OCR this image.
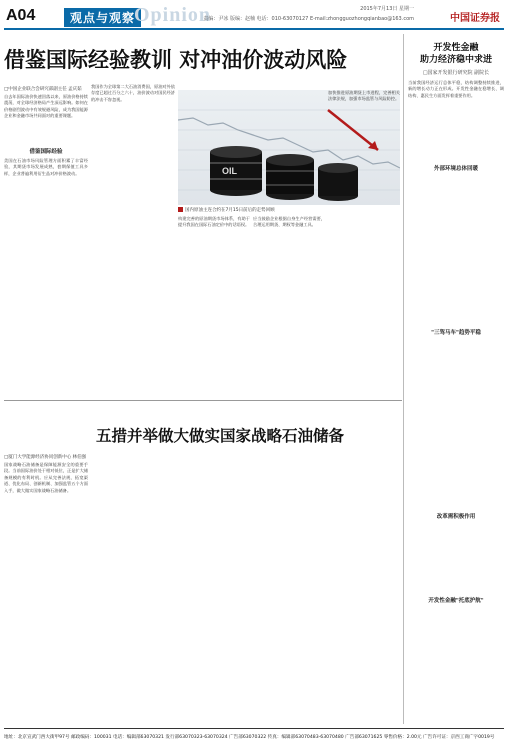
A04	观点与观察
Opinion	2015年7月13日 星期一
责编：尹冰 版编：赵楠 电话：010-63070127 E-mail:zhongguozhongqianbao@163.com	中国证券报
借鉴国际经验教训 对冲油价波动风险
□中国企业联合会研究部副主任 孟庆茹
自去年国际油价快速回落以来，原油价格持续震荡，对全球经济格局产生深远影响。如何在价格剧烈波动中有效规避风险，成为我国能源企业和金融市场共同面对的重要课题。
借鉴国际经验
美国在石油市场风险管理方面积累了丰富经验，其期货市场发展成熟，套期保值工具多样，企业普遍利用衍生品对冲价格波动。
我国作为全球第二大石油消费国，原油对外依存度已超过百分之六十，油价波动对国民经济的冲击不容忽视。
OIL
国内原油主连合约在7月15日前后的走势回顾
构建完善的原油期货市场体系，有助于提升我国在国际石油定价中的话语权。
应当鼓励企业根据自身生产经营需要，合理运用期货、期权等金融工具。
加快推进原油期货上市进程，完善相关法律法规，加强市场监管与风险防控。
五措并举做大做实国家战略石油储备
□厦门大学能源经济协同创新中心 林伯强
国家战略石油储备是保障能源安全的重要手段。当前国际油价处于相对低位，正是扩大储备规模的有利时机。应从完善法规、拓宽渠道、优化布局、创新机制、加强监管五个方面入手，做大做实国家战略石油储备。
开发性金融
助力经济稳中求进
□国家开发银行研究院 副院长
当前我国经济运行总体平稳，结构调整持续推进，新的增长动力正在形成。开发性金融在稳增长、调结构、惠民生方面发挥着重要作用。
外部环境总体回暖
"三驾马车"趋势平稳
改革需积极作用
开发性金融"托底护航"
地址：北京宣武门西大街甲97号 邮政编码：100031 电话：编辑部63070321 发行部63070323-63070324 广告部63070322 传真：编辑部63070483-63070480 广告部63071625 零售价格：2.00元 广告许可证：京西工商广字0019号
